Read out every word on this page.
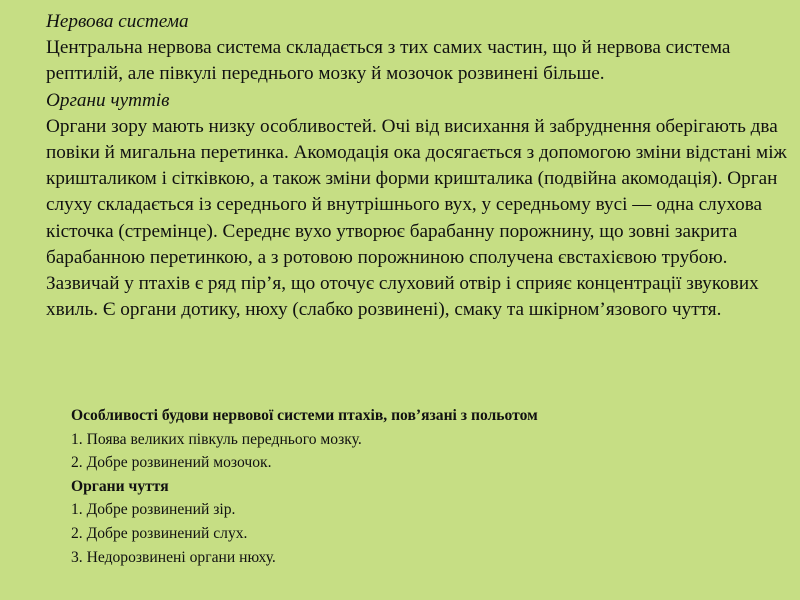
Нервова система

Центральна нервова система складається з тих самих частин, що й нервова система рептилій, але півкулі переднього мозку й мозочок розвинені більше.

Органи чуттів

Органи зору мають низку особливостей. Очі від висихання й забруднення оберігають два повіки й мигальна перетинка. Акомодація ока досягається з допомогою зміни відстані між кришталиком і сітківкою, а також зміни форми кришталика (подвійна акомодація). Орган слуху складається із середнього й внутрішнього вух, у середньому вусі — одна слухова кісточка (стремінце). Середнє вухо утворює барабанну порожнину, що зовні закрита барабанною перетинкою, а з ротовою порожниною сполучена євстахієвою трубою. Зазвичай у птахів є ряд пір’я, що оточує слуховий отвір і сприяє концентрації звукових хвиль. Є органи дотику, нюху (слабко розвинені), смаку та шкірном’язового чуття.

Особливості будови нервової системи птахів, пов’язані з польотом

1. Поява великих півкуль переднього мозку.

2. Добре розвинений мозочок.

Органи чуття

1. Добре розвинений зір.

2. Добре розвинений слух.

3. Недорозвинені органи нюху.
